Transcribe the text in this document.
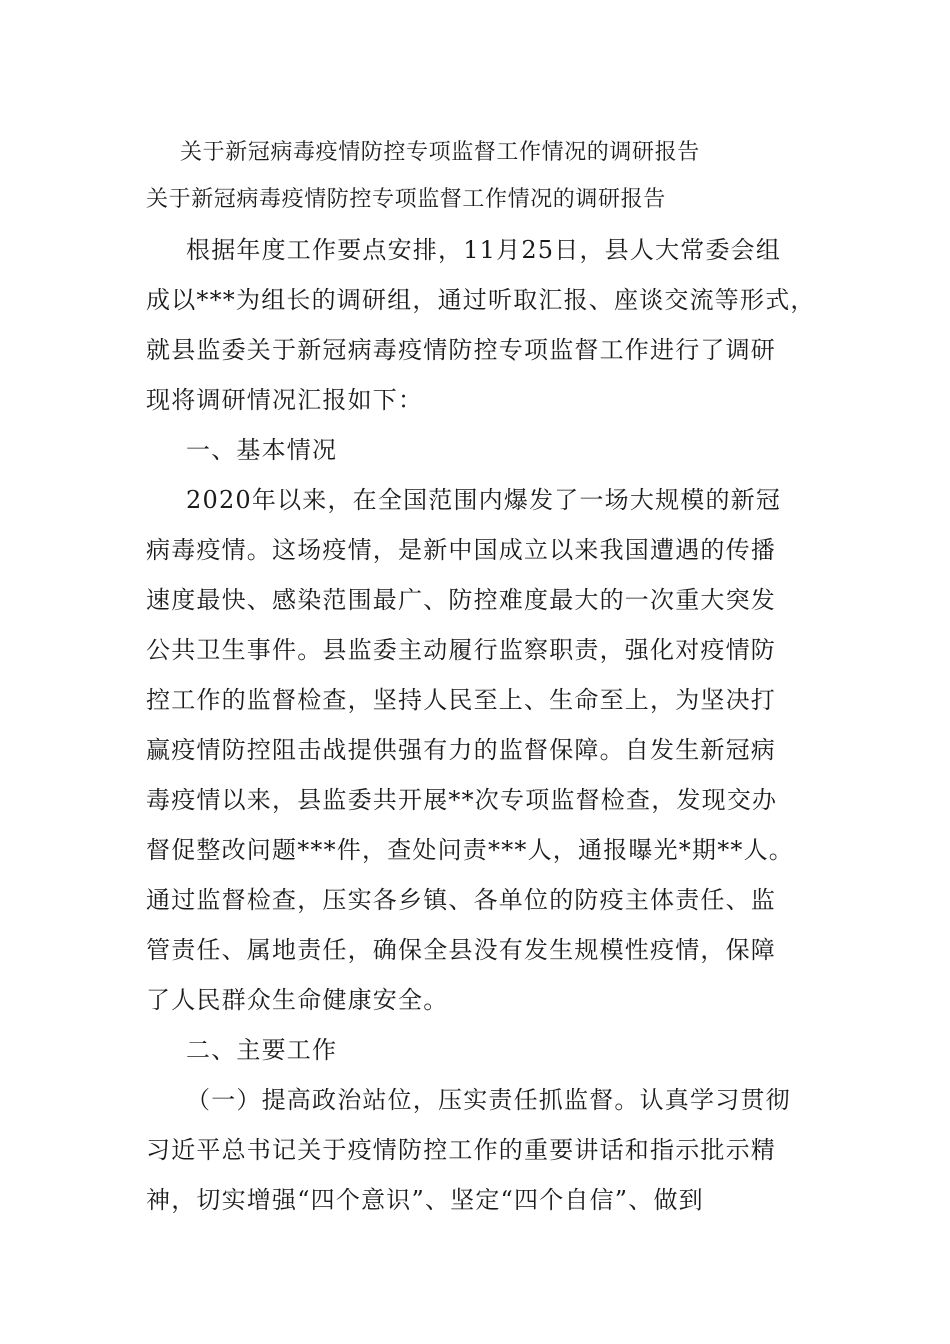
关于新冠病毒疫情防控专项监督工作情况的调研报告
关于新冠病毒疫情防控专项监督工作情况的调研报告
根据年度工作要点安排，11月25日，县人大常委会组
成以***为组长的调研组，通过听取汇报、座谈交流等形式，
就县监委关于新冠病毒疫情防控专项监督工作进行了调研
现将调研情况汇报如下：
一、基本情况
2020年以来，在全国范围内爆发了一场大规模的新冠
病毒疫情。这场疫情，是新中国成立以来我国遭遇的传播
速度最快、感染范围最广、防控难度最大的一次重大突发
公共卫生事件。县监委主动履行监察职责，强化对疫情防
控工作的监督检查，坚持人民至上、生命至上，为坚决打
赢疫情防控阻击战提供强有力的监督保障。自发生新冠病
毒疫情以来，县监委共开展**次专项监督检查，发现交办
督促整改问题***件，查处问责***人，通报曝光*期**人。
通过监督检查，压实各乡镇、各单位的防疫主体责任、监
管责任、属地责任，确保全县没有发生规模性疫情，保障
了人民群众生命健康安全。
二、主要工作
（一）提高政治站位，压实责任抓监督。认真学习贯彻
习近平总书记关于疫情防控工作的重要讲话和指示批示精
神，切实增强“四个意识”、坚定“四个自信”、做到
